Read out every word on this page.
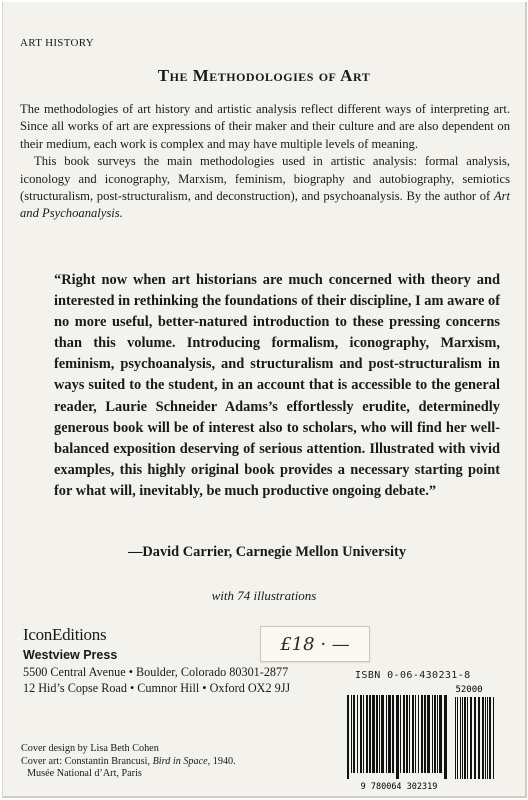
ART HISTORY
The Methodologies of Art

The methodologies of art history and artistic analysis reflect different ways of interpreting art. Since all works of art are expressions of their maker and their culture and are also dependent on their medium, each work is complex and may have multiple levels of meaning.

This book surveys the main methodologies used in artistic analysis: formal analysis, iconology and iconography, Marxism, feminism, biography and autobiography, semiotics (structuralism, post-structuralism, and deconstruction), and psychoanalysis. By the author of Art and Psychoanalysis.

“Right now when art historians are much concerned with theory and interested in rethinking the foundations of their discipline, I am aware of no more useful, better-natured introduction to these pressing concerns than this volume. Introducing formalism, iconography, Marxism, feminism, psychoanalysis, and structuralism and post-structuralism in ways suited to the student, in an account that is accessible to the general reader, Laurie Schneider Adams’s effortlessly erudite, determinedly generous book will be of interest also to scholars, who will find her well-balanced exposition deserving of serious attention. Illustrated with vivid examples, this highly original book provides a necessary starting point for what will, inevitably, be much productive ongoing debate.”
—David Carrier, Carnegie Mellon University
with 74 illustrations
IconEditions	£18 · —
Westview Press
5500 Central Avenue • Boulder, Colorado 80301-2877
12 Hid’s Copse Road • Cumnor Hill • Oxford OX2 9JJ
ISBN 0-06-430231-8
52000
9 780064 302319
Cover design by Lisa Beth Cohen
Cover art: Constantin Brancusi, Bird in Space, 1940.
Musée National d’Art, Paris
